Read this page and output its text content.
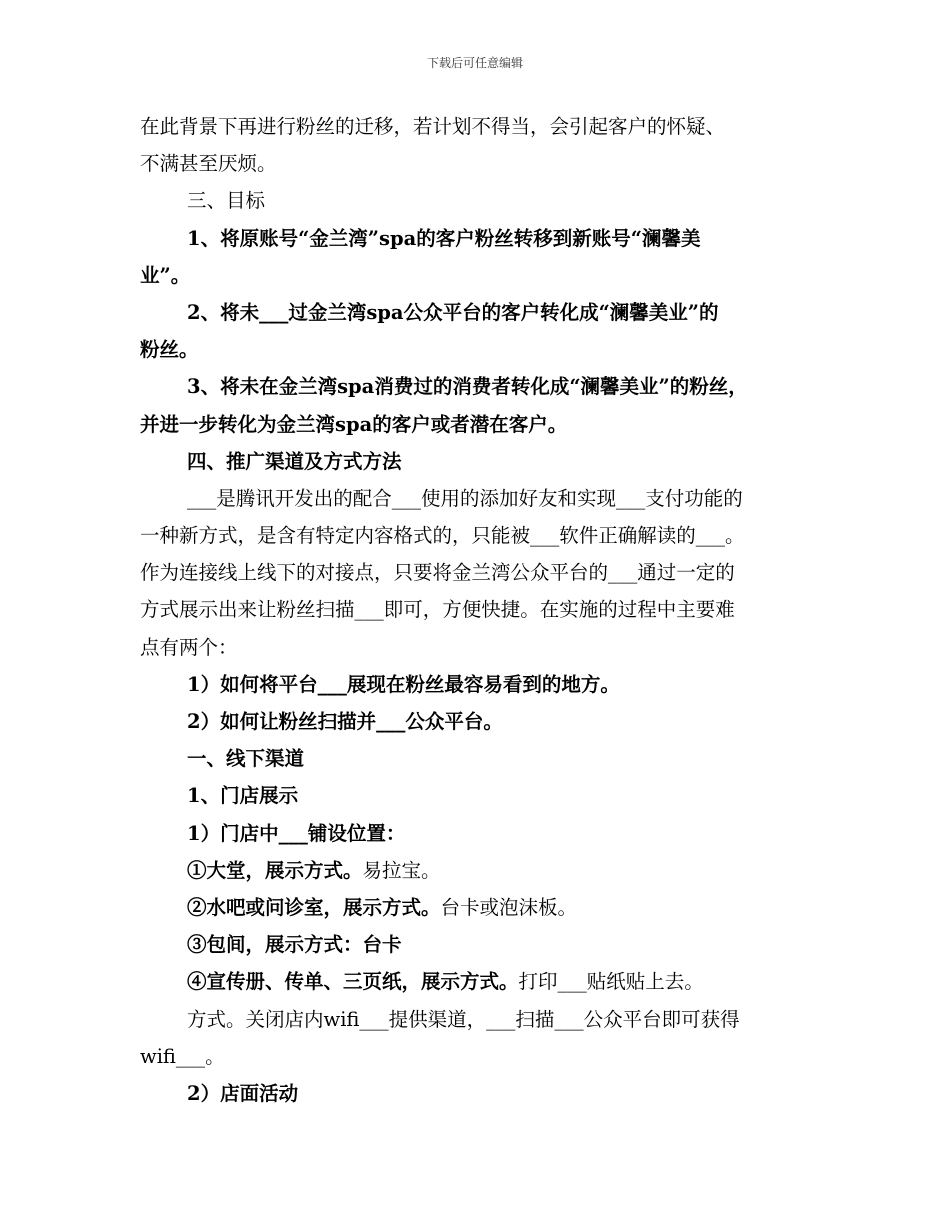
下载后可任意编辑
在此背景下再进行粉丝的迁移，若计划不得当，会引起客户的怀疑、
不满甚至厌烦。
三、目标
1、将原账号“金兰湾”spa的客户粉丝转移到新账号“澜馨美
业”。
2、将未___过金兰湾spa公众平台的客户转化成“澜馨美业”的
粉丝。
3、将未在金兰湾spa消费过的消费者转化成“澜馨美业”的粉丝，
并进一步转化为金兰湾spa的客户或者潜在客户。
四、推广渠道及方式方法
___是腾讯开发出的配合___使用的添加好友和实现___支付功能的
一种新方式，是含有特定内容格式的，只能被___软件正确解读的___。
作为连接线上线下的对接点，只要将金兰湾公众平台的___通过一定的
方式展示出来让粉丝扫描___即可，方便快捷。在实施的过程中主要难
点有两个：
1）如何将平台___展现在粉丝最容易看到的地方。
2）如何让粉丝扫描并___公众平台。
一、线下渠道
1、门店展示
1）门店中___铺设位置：
①大堂，展示方式。易拉宝。
②水吧或问诊室，展示方式。台卡或泡沫板。
③包间，展示方式：台卡
④宣传册、传单、三页纸，展示方式。打印___贴纸贴上去。
方式。关闭店内wifi___提供渠道，___扫描___公众平台即可获得
wifi___。
2）店面活动
